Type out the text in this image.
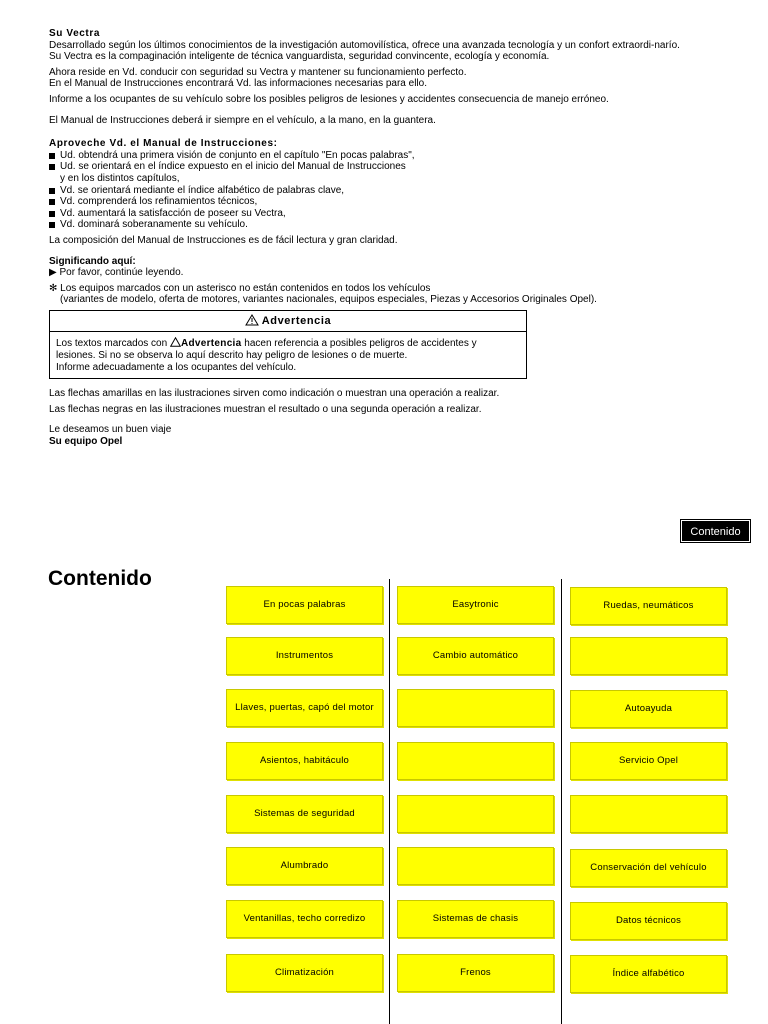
Su Vectra

Desarrollado según los últimos conocimientos de la investigación automovilística, ofrece una avanzada tecnología y un confort extraordi-narío.

Su Vectra es la compaginación inteligente de técnica vanguardista, seguridad convincente, ecología y economía.

Ahora reside en Vd. conducir con seguridad su Vectra y mantener su funcionamiento perfecto.

En el Manual de Instrucciones encontrará Vd. las informaciones necesarias para ello.

Informe a los ocupantes de su vehículo sobre los posibles peligros de lesiones y accidentes consecuencia de manejo erróneo.

El Manual de Instrucciones deberá ir siempre en el vehículo, a la mano, en la guantera.

Aproveche Vd. el Manual de Instrucciones:

Ud. obtendrá una primera visión de conjunto en el capítulo "En pocas palabras",
Ud. se orientará en el índice expuesto en el inicio del Manual de Instrucciones

y en los distintos capítulos,

Vd. se orientará mediante el índice alfabético de palabras clave,
Vd. comprenderá los refinamientos técnicos,
Vd. aumentará la satisfacción de poseer su Vectra,
Vd. dominará soberanamente su vehículo.

La composición del Manual de Instrucciones es de fácil lectura y gran claridad.

Significando aquí:

▶ Por favor, continúe leyendo.

✻ Los equipos marcados con un asterisco no están contenidos en todos los vehículos

(variantes de modelo, oferta de motores, variantes nacionales, equipos especiales, Piezas y Accesorios Originales Opel).

Advertencia

Los textos marcados con Advertencia hacen referencia a posibles peligros de accidentes y

lesiones. Si no se observa lo aquí descrito hay peligro de lesiones o de muerte.

Informe adecuadamente a los ocupantes del vehículo.

Las flechas amarillas en las ilustraciones sirven como indicación o muestran una operación a realizar.

Las flechas negras en las ilustraciones muestran el resultado o una segunda operación a realizar.

Le deseamos un buen viaje

Su equipo Opel

Contenido
Contenido
En pocas palabras
Instrumentos
Llaves, puertas, capó del motor
Asientos, habitáculo
Sistemas de seguridad
Alumbrado
Ventanillas, techo corredizo
Climatización
Easytronic
Cambio automático
Sistemas de chasis
Frenos
Ruedas, neumáticos
Autoayuda
Servicio Opel
Conservación del vehículo
Datos técnicos
Índice alfabético
